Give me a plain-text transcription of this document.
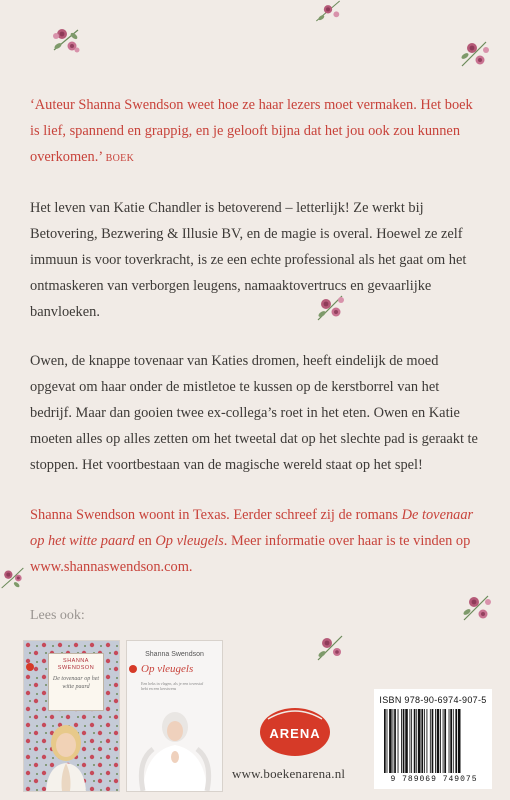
‘Auteur Shanna Swendson weet hoe ze haar lezers moet vermaken. Het boek is lief, spannend en grappig, en je gelooft bijna dat het jou ook zou kunnen overkomen.’ BOEK
Het leven van Katie Chandler is betoverend – letterlijk! Ze werkt bij Betovering, Bezwering & Illusie BV, en de magie is overal. Hoewel ze zelf immuun is voor toverkracht, is ze een echte professional als het gaat om het ontmaskeren van verborgen leugens, namaaktovertrucs en gevaarlijke banvloeken.
Owen, de knappe tovenaar van Katies dromen, heeft eindelijk de moed opgevat om haar onder de mistletoe te kussen op de kerstborrel van het bedrijf. Maar dan gooien twee ex-collega’s roet in het eten. Owen en Katie moeten alles op alles zetten om het tweetal dat op het slechte pad is geraakt te stoppen. Het voortbestaan van de magische wereld staat op het spel!
Shanna Swendson woont in Texas. Eerder schreef zij de romans De tovenaar op het witte paard en Op vleugels. Meer informatie over haar is te vinden op www.shannaswendson.com.
Lees ook:
SHANNA SWENDSON
De tovenaar op het witte paard
Shanna Swendson
Op vleugels
Een heks in vlagen, als je een toverstaf hebt en een kerstwens
ISBN 978-90-6974-907-5
9 789069 749075
ARENA
www.boekenarena.nl
